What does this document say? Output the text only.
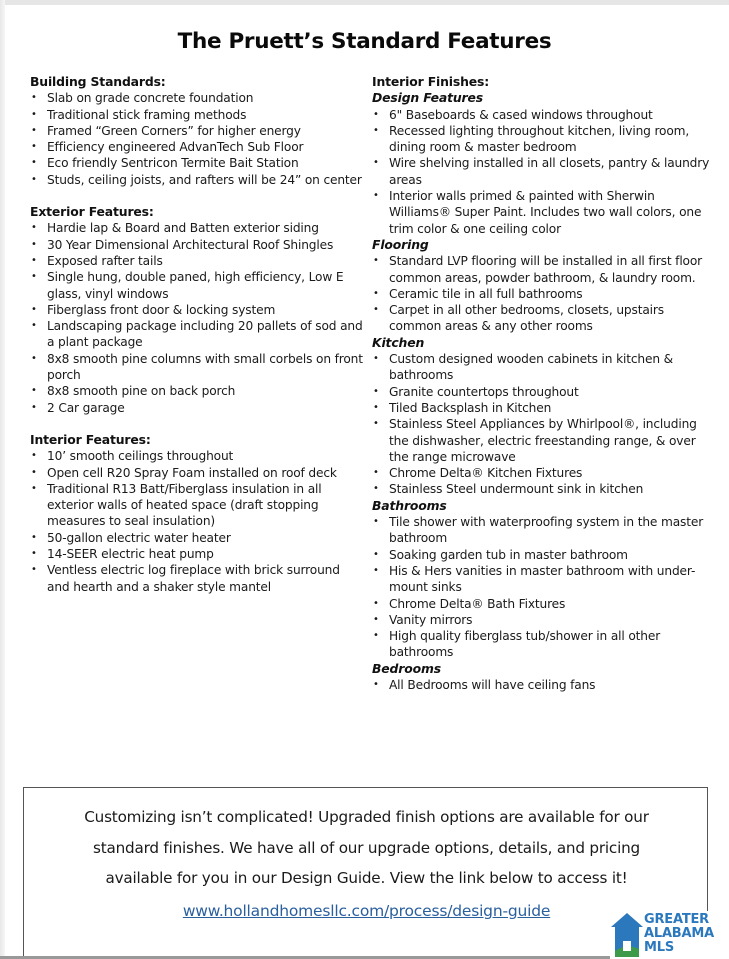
The Pruett’s Standard Features

Building Standards:

• Slab on grade concrete foundation
• Traditional stick framing methods
• Framed “Green Corners” for higher energy
• Efficiency engineered AdvanTech Sub Floor
• Eco friendly Sentricon Termite Bait Station
• Studs, ceiling joists, and rafters will be 24” on center

Exterior Features:

• Hardie lap & Board and Batten exterior siding
• 30 Year Dimensional Architectural Roof Shingles
• Exposed rafter tails
• Single hung, double paned, high efficiency, Low E glass, vinyl windows
• Fiberglass front door & locking system
• Landscaping package including 20 pallets of sod and a plant package
• 8x8 smooth pine columns with small corbels on front porch
• 8x8 smooth pine on back porch
• 2 Car garage

Interior Features:

• 10’ smooth ceilings throughout
• Open cell R20 Spray Foam installed on roof deck
• Traditional R13 Batt/Fiberglass insulation in all exterior walls of heated space (draft stopping measures to seal insulation)
• 50-gallon electric water heater
• 14-SEER electric heat pump
• Ventless electric log fireplace with brick surround and hearth and a shaker style mantel

Interior Finishes:

Design Features

• 6" Baseboards & cased windows throughout
• Recessed lighting throughout kitchen, living room, dining room & master bedroom
• Wire shelving installed in all closets, pantry & laundry areas
• Interior walls primed & painted with Sherwin Williams® Super Paint. Includes two wall colors, one trim color & one ceiling color

Flooring

• Standard LVP flooring will be installed in all first floor common areas, powder bathroom, & laundry room.
• Ceramic tile in all full bathrooms
• Carpet in all other bedrooms, closets, upstairs common areas & any other rooms

Kitchen

• Custom designed wooden cabinets in kitchen & bathrooms
• Granite countertops throughout
• Tiled Backsplash in Kitchen
• Stainless Steel Appliances by Whirlpool®, including the dishwasher, electric freestanding range, & over the range microwave
• Chrome Delta® Kitchen Fixtures
• Stainless Steel undermount sink in kitchen

Bathrooms

• Tile shower with waterproofing system in the master bathroom
• Soaking garden tub in master bathroom
• His & Hers vanities in master bathroom with under-mount sinks
• Chrome Delta® Bath Fixtures
• Vanity mirrors
• High quality fiberglass tub/shower in all other bathrooms

Bedrooms

• All Bedrooms will have ceiling fans
Customizing isn’t complicated! Upgraded finish options are available for our
standard finishes. We have all of our upgrade options, details, and pricing
available for you in our Design Guide. View the link below to access it!
www.hollandhomesllc.com/process/design-guide	GREATER
ALABAMA
MLS
